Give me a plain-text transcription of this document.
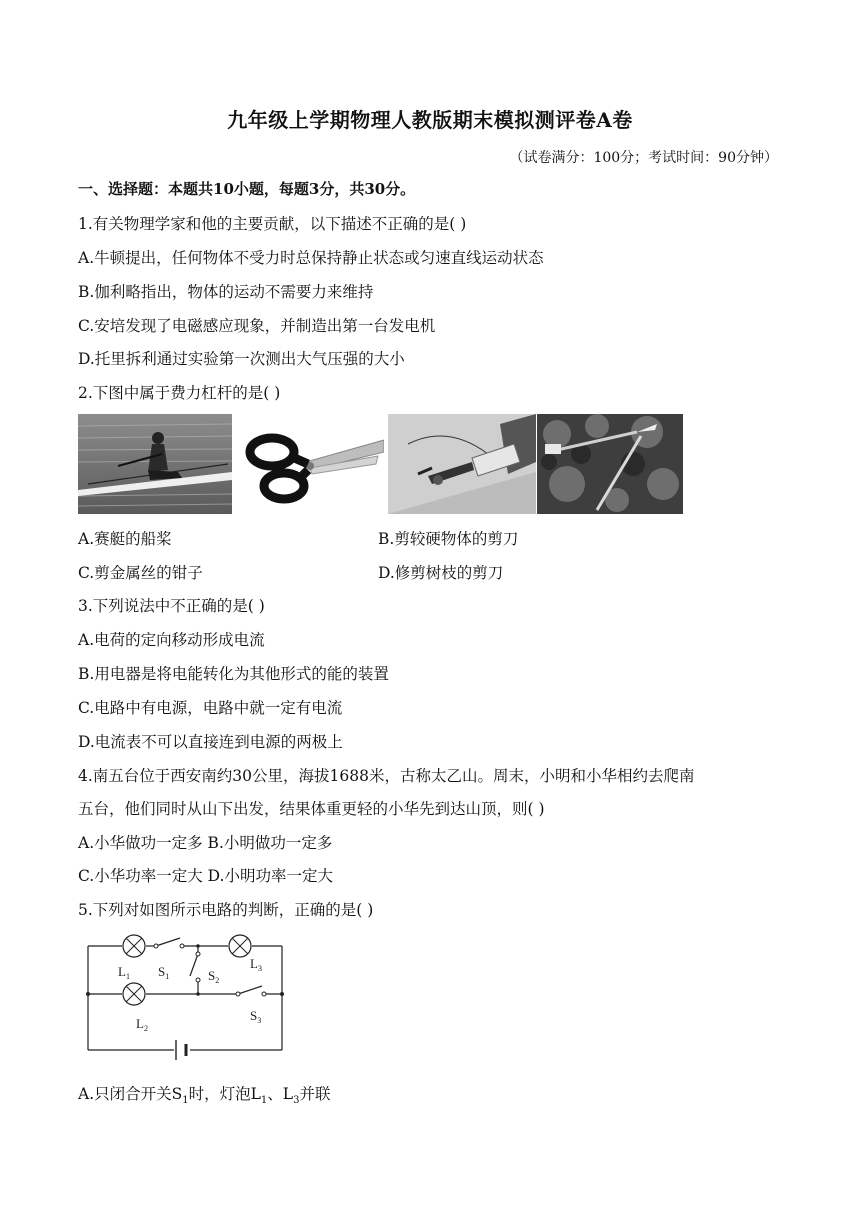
九年级上学期物理人教版期末模拟测评卷A卷
（试卷满分：100分；考试时间：90分钟）
一、选择题：本题共10小题，每题3分，共30分。
1.有关物理学家和他的主要贡献，以下描述不正确的是( )
A.牛顿提出，任何物体不受力时总保持静止状态或匀速直线运动状态
B.伽利略指出，物体的运动不需要力来维持
C.安培发现了电磁感应现象，并制造出第一台发电机
D.托里拆利通过实验第一次测出大气压强的大小
2.下图中属于费力杠杆的是( )
A.赛艇的船桨	B.剪较硬物体的剪刀
C.剪金属丝的钳子	D.修剪树枝的剪刀
3.下列说法中不正确的是( )
A.电荷的定向移动形成电流
B.用电器是将电能转化为其他形式的能的装置
C.电路中有电源，电路中就一定有电流
D.电流表不可以直接连到电源的两极上
4.南五台位于西安南约30公里，海拔1688米，古称太乙山。周末，小明和小华相约去爬南
五台，他们同时从山下出发，结果体重更轻的小华先到达山顶，则( )
A.小华做功一定多 B.小明做功一定多
C.小华功率一定大 D.小明功率一定大
5.下列对如图所示电路的判断，正确的是( )
$L_1$ $S_1$	$S_2$
$L_3$
$L_2$
$S_3$
A.只闭合开关$S_1$时，灯泡$L_1$、$L_3$并联
